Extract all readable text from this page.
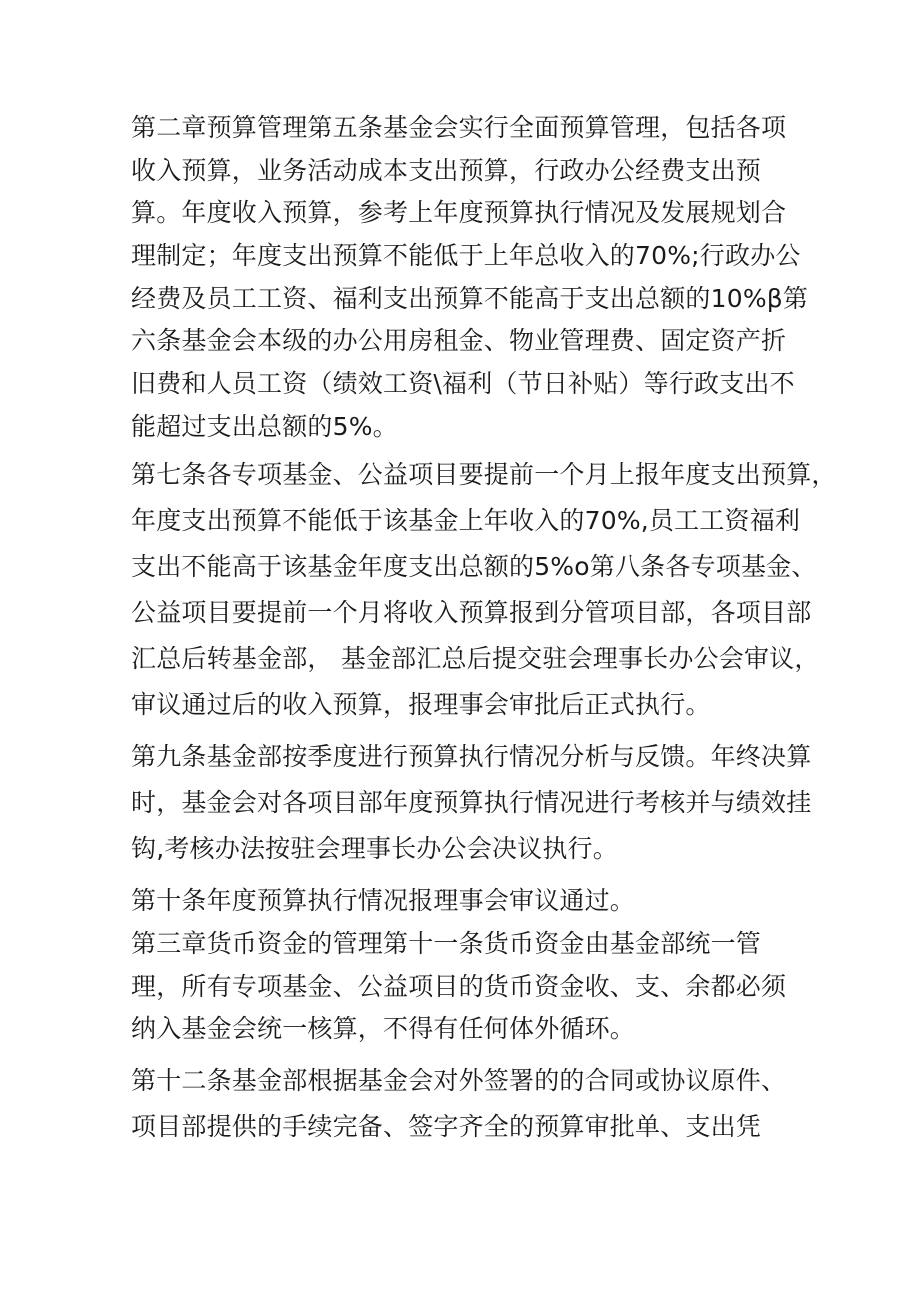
第二章预算管理第五条基金会实行全面预算管理，包括各项
收入预算，业务活动成本支出预算，行政办公经费支出预
算。年度收入预算，参考上年度预算执行情况及发展规划合
理制定；年度支出预算不能低于上年总收入的70%;行政办公
经费及员工工资、福利支出预算不能高于支出总额的10%β第
六条基金会本级的办公用房租金、物业管理费、固定资产折
旧费和人员工资（绩效工资\福利（节日补贴）等行政支出不
能超过支出总额的5%。
第七条各专项基金、公益项目要提前一个月上报年度支出预算，
年度支出预算不能低于该基金上年收入的70%,员工工资福利
支出不能高于该基金年度支出总额的5%o第八条各专项基金、
公益项目要提前一个月将收入预算报到分管项目部，各项目部
汇总后转基金部， 基金部汇总后提交驻会理事长办公会审议，
审议通过后的收入预算，报理事会审批后正式执行。
第九条基金部按季度进行预算执行情况分析与反馈。年终决算
时，基金会对各项目部年度预算执行情况进行考核并与绩效挂
钩,考核办法按驻会理事长办公会决议执行。
第十条年度预算执行情况报理事会审议通过。
第三章货币资金的管理第十一条货币资金由基金部统一管
理，所有专项基金、公益项目的货币资金收、支、余都必须
纳入基金会统一核算，不得有任何体外循环。
第十二条基金部根据基金会对外签署的的合同或协议原件、
项目部提供的手续完备、签字齐全的预算审批单、支出凭
